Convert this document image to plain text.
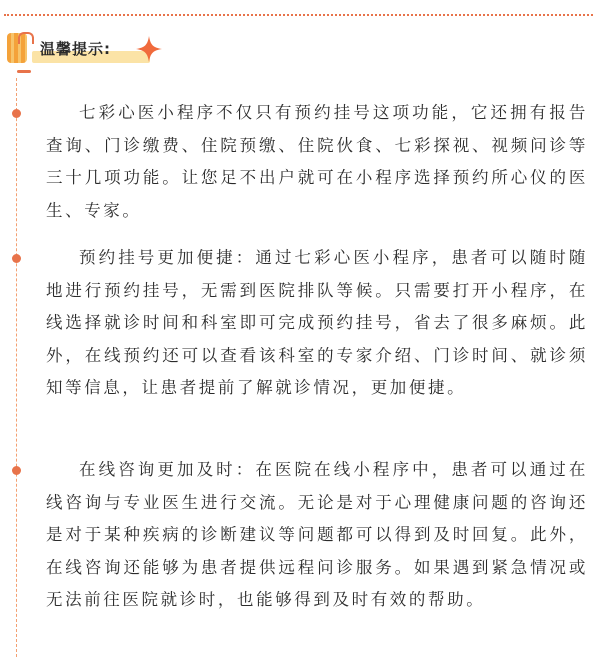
温馨提示:

七彩心医小程序不仅只有预约挂号这项功能，它还拥有报告查询、门诊缴费、住院预缴、住院伙食、七彩探视、视频问诊等三十几项功能。让您足不出户就可在小程序选择预约所心仪的医生、专家。

预约挂号更加便捷：通过七彩心医小程序，患者可以随时随地进行预约挂号，无需到医院排队等候。只需要打开小程序，在线选择就诊时间和科室即可完成预约挂号，省去了很多麻烦。此外，在线预约还可以查看该科室的专家介绍、门诊时间、就诊须知等信息，让患者提前了解就诊情况，更加便捷。

在线咨询更加及时：在医院在线小程序中，患者可以通过在线咨询与专业医生进行交流。无论是对于心理健康问题的咨询还是对于某种疾病的诊断建议等问题都可以得到及时回复。此外，在线咨询还能够为患者提供远程问诊服务。如果遇到紧急情况或无法前往医院就诊时，也能够得到及时有效的帮助。
